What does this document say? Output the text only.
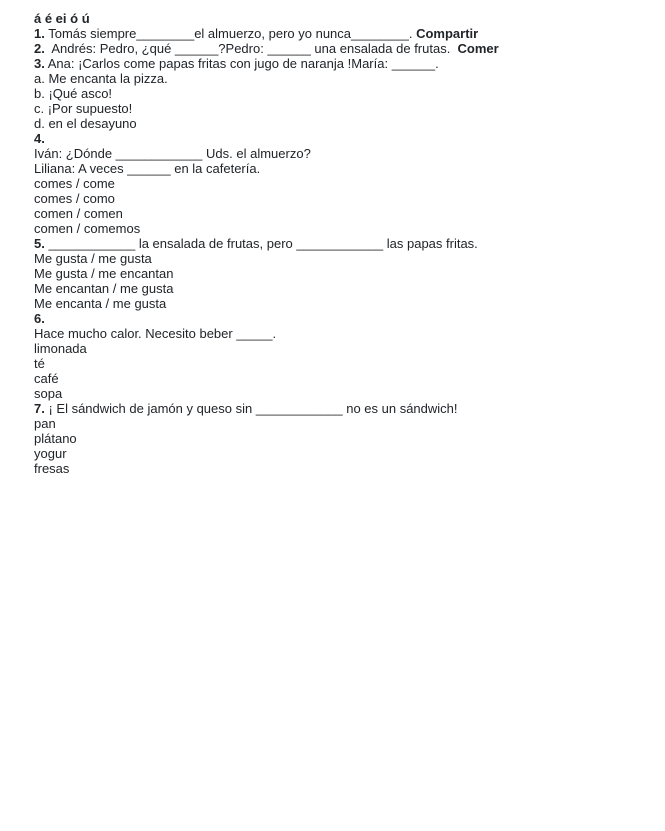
á é ei ó ú

1. Tomás siempre________el almuerzo, pero yo nunca________. Compartir

2.  Andrés: Pedro, ¿qué ______?Pedro: ______ una ensalada de frutas.  Comer

3. Ana: ¡Carlos come papas fritas con jugo de naranja !María: ______.

a. Me encanta la pizza.

b. ¡Qué asco!

c. ¡Por supuesto!

d. en el desayuno

4.

Iván: ¿Dónde ____________ Uds. el almuerzo?

Liliana: A veces ______ en la cafetería.

comes / come

comes / como

comen / comen

comen / comemos

5. ____________ la ensalada de frutas, pero ____________ las papas fritas.

Me gusta / me gusta

Me gusta / me encantan

Me encantan / me gusta

Me encanta / me gusta

6.

Hace mucho calor. Necesito beber _____.

limonada

té

café

sopa

7. ¡ El sándwich de jamón y queso sin ____________ no es un sándwich!

pan

plátano

yogur

fresas
